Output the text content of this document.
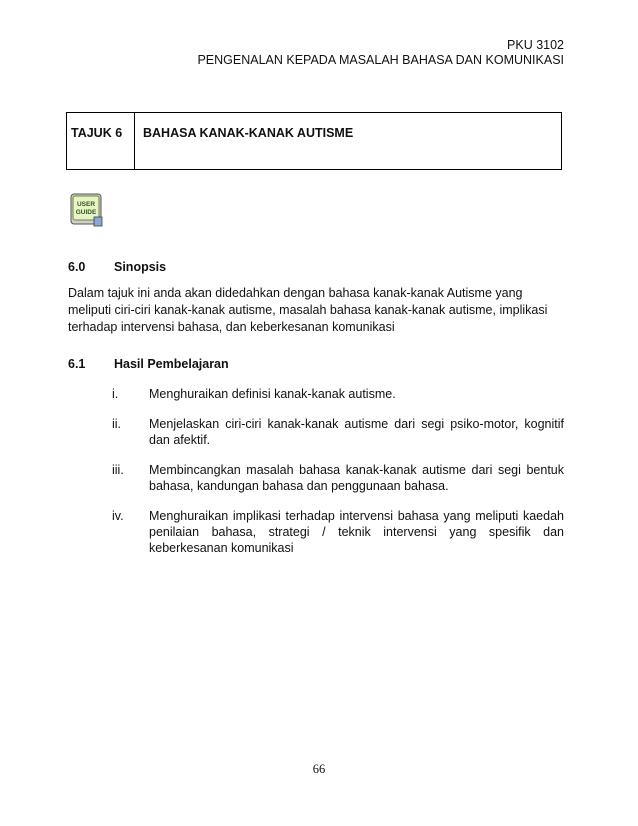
PKU 3102
PENGENALAN KEPADA MASALAH BAHASA DAN KOMUNIKASI
TAJUK 6	BAHASA KANAK-KANAK AUTISME
USER
GUIDE
6.0 Sinopsis
Dalam tajuk ini anda akan didedahkan dengan bahasa kanak-kanak Autisme yang meliputi ciri-ciri kanak-kanak autisme, masalah bahasa kanak-kanak autisme, implikasi terhadap intervensi bahasa, dan keberkesanan komunikasi
6.1 Hasil Pembelajaran
i.	Menghuraikan definisi kanak-kanak autisme.
ii.	Menjelaskan ciri-ciri kanak-kanak autisme dari segi psiko-motor, kognitif dan afektif.
iii.	Membincangkan masalah bahasa kanak-kanak autisme dari segi bentuk bahasa, kandungan bahasa dan penggunaan bahasa.
iv.	Menghuraikan implikasi terhadap intervensi bahasa yang meliputi kaedah penilaian bahasa, strategi / teknik intervensi yang spesifik dan keberkesanan komunikasi
66
